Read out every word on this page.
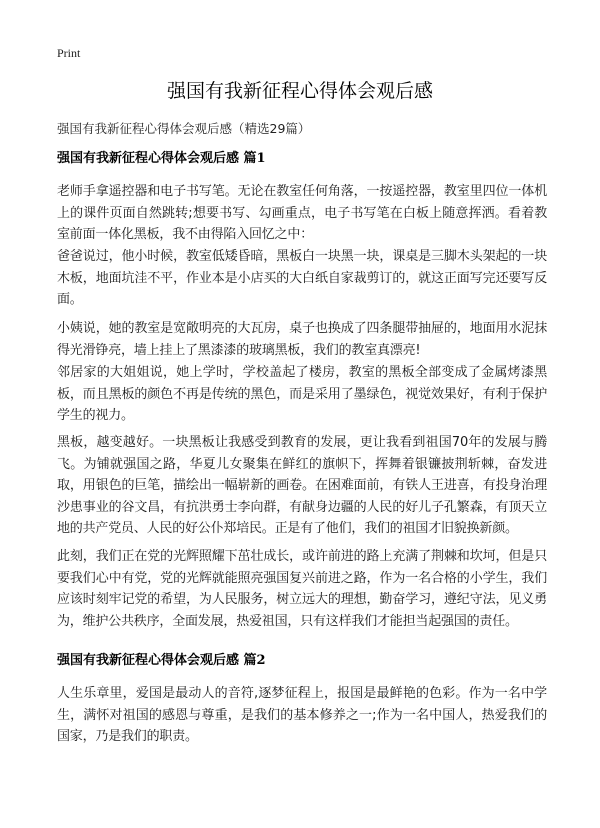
Print
强国有我新征程心得体会观后感
强国有我新征程心得体会观后感（精选29篇）
强国有我新征程心得体会观后感 篇1

老师手拿遥控器和电子书写笔。无论在教室任何角落，一按遥控器，教室里四位一体机上的课件页面自然跳转;想要书写、勾画重点，电子书写笔在白板上随意挥洒。看着教室前面一体化黑板，我不由得陷入回忆之中：

爸爸说过，他小时候，教室低矮昏暗，黑板白一块黑一块，课桌是三脚木头架起的一块木板，地面坑洼不平，作业本是小店买的大白纸自家裁剪订的，就这正面写完还要写反面。

小姨说，她的教室是宽敞明亮的大瓦房，桌子也换成了四条腿带抽屉的，地面用水泥抹得光滑铮亮，墙上挂上了黑漆漆的玻璃黑板，我们的教室真漂亮!

邻居家的大姐姐说，她上学时，学校盖起了楼房，教室的黑板全部变成了金属烤漆黑板，而且黑板的颜色不再是传统的黑色，而是采用了墨绿色，视觉效果好，有利于保护学生的视力。

黑板，越变越好。一块黑板让我感受到教育的发展，更让我看到祖国70年的发展与腾飞。为铺就强国之路，华夏儿女聚集在鲜红的旗帜下，挥舞着银镰披荆斩棘，奋发进取，用银色的巨笔，描绘出一幅崭新的画卷。在困难面前，有铁人王进喜，有投身治理沙患事业的谷文昌，有抗洪勇士李向群，有献身边疆的人民的好儿子孔繁森，有顶天立地的共产党员、人民的好公仆郑培民。正是有了他们，我们的祖国才旧貌换新颜。

此刻，我们正在党的光辉照耀下茁壮成长，或许前进的路上充满了荆棘和坎坷，但是只要我们心中有党，党的光辉就能照亮强国复兴前进之路，作为一名合格的小学生，我们应该时刻牢记党的希望，为人民服务，树立远大的理想，勤奋学习，遵纪守法，见义勇为，维护公共秩序，全面发展，热爱祖国，只有这样我们才能担当起强国的责任。

强国有我新征程心得体会观后感 篇2

人生乐章里，爱国是最动人的音符,逐梦征程上，报国是最鲜艳的色彩。作为一名中学生，满怀对祖国的感恩与尊重，是我们的基本修养之一;作为一名中国人，热爱我们的国家，乃是我们的职责。
